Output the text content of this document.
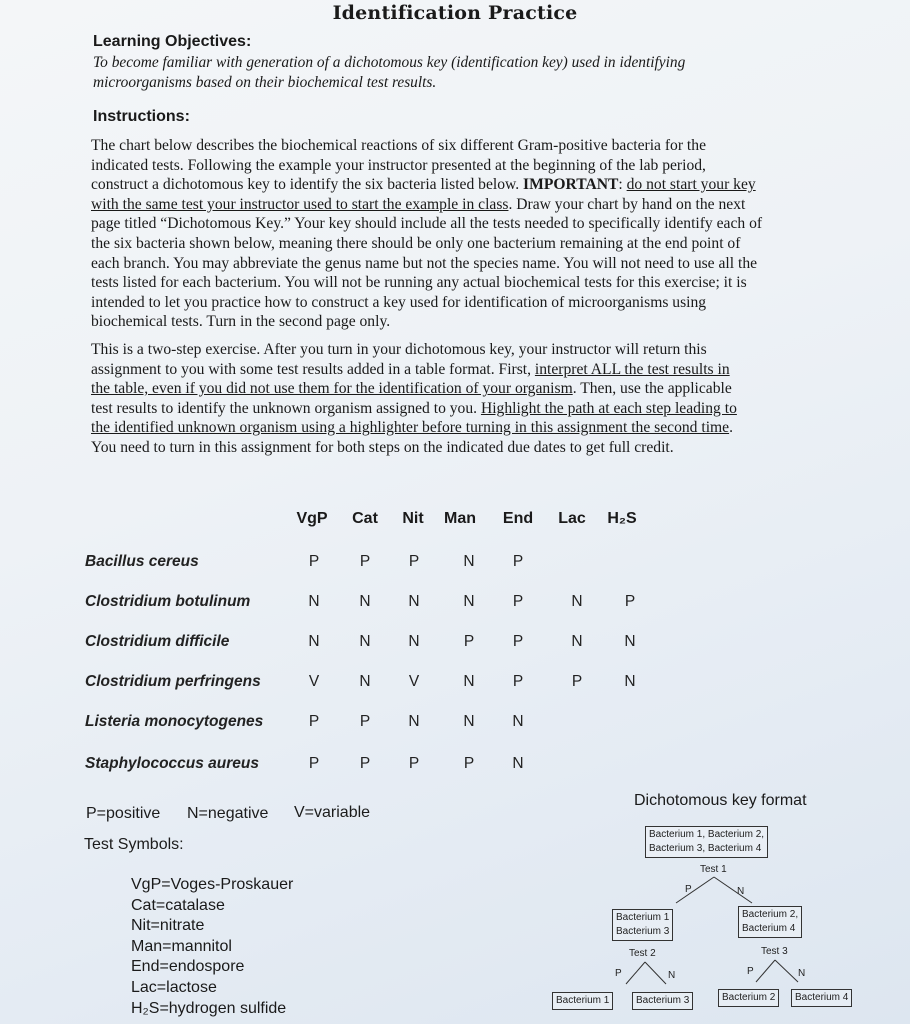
Identification Practice
Learning Objectives:
To become familiar with generation of a dichotomous key (identification key) used in identifying
microorganisms based on their biochemical test results.
Instructions:
The chart below describes the biochemical reactions of six different Gram-positive bacteria for the
indicated tests. Following the example your instructor presented at the beginning of the lab period,
construct a dichotomous key to identify the six bacteria listed below. IMPORTANT: do not start your key
with the same test your instructor used to start the example in class. Draw your chart by hand on the next
page titled “Dichotomous Key.” Your key should include all the tests needed to specifically identify each of
the six bacteria shown below, meaning there should be only one bacterium remaining at the end point of
each branch. You may abbreviate the genus name but not the species name. You will not need to use all the
tests listed for each bacterium. You will not be running any actual biochemical tests for this exercise; it is
intended to let you practice how to construct a key used for identification of microorganisms using
biochemical tests. Turn in the second page only.
This is a two-step exercise. After you turn in your dichotomous key, your instructor will return this
assignment to you with some test results added in a table format. First, interpret ALL the test results in
the table, even if you did not use them for the identification of your organism. Then, use the applicable
test results to identify the unknown organism assigned to you. Highlight the path at each step leading to
the identified unknown organism using a highlighter before turning in this assignment the second time.
You need to turn in this assignment for both steps on the indicated due dates to get full credit.
VgP Cat Nit Man End Lac H₂S
Bacillus cereus	P	P P	N P
Clostridium botulinum	N	N N	N P	N	P
Clostridium difficile	N	N N	P P	N	N
Clostridium perfringens	V	N V	N P	P	N
Listeria monocytogenes	P	P N	N N
Staphylococcus aureus	P	P P	P N
P=positive N=negative V=variable
Test Symbols:
VgP=Voges-Proskauer
Cat=catalase
Nit=nitrate
Man=mannitol
End=endospore
Lac=lactose
H₂S=hydrogen sulfide
Dichotomous key format
Bacterium 1, Bacterium 2,
Bacterium 3, Bacterium 4
Test 1
P	N
Bacterium 1
Bacterium 3
Bacterium 2,
Bacterium 4
Test 2	Test 3
P	N	P	N
Bacterium 1	Bacterium 3	Bacterium 2	Bacterium 4
